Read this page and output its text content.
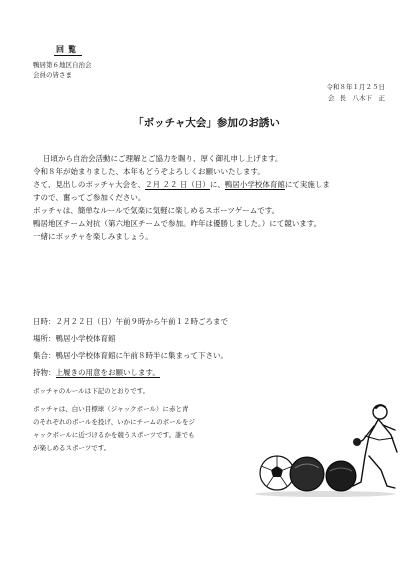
回覧
鴨居第６地区自治会
会員の皆さま
令和８年１月２５日
会 長　八木下　正
「ボッチャ大会」参加のお誘い

日頃から自治会活動にご理解とご協力を賜り、厚く御礼申し上げます。

令和８年が始まりました、本年もどうぞよろしくお願いいたします。

さて、見出しのボッチャ大会を、２月 ２２ 日（日）に、鴨居小学校体育館にて実施しま

すので、奮ってご参加ください。

ボッチャは、簡単なルールで気楽に気軽に楽しめるスポーツゲームです。

鴨居地区チーム対抗（第六地区チームで参加。昨年は優勝しました。）にて競います。

一緒にボッチャを楽しみましょう。

日時：２月２２日（日）午前９時から午前１２時ごろまで

場所：鴨居小学校体育館

集合：鴨居小学校体育館に午前８時半に集まって下さい。

持物：上履きの用意をお願いします。

ボッチャのルールは下記のとおりです。

ボッチャは、白い目標球（ジャックボール）に赤と青

のそれぞれのボールを投げ、いかにチームのボールをジ

ャックボールに近づけるかを競うスポーツです。誰でも

が楽しめるスポーツです。
